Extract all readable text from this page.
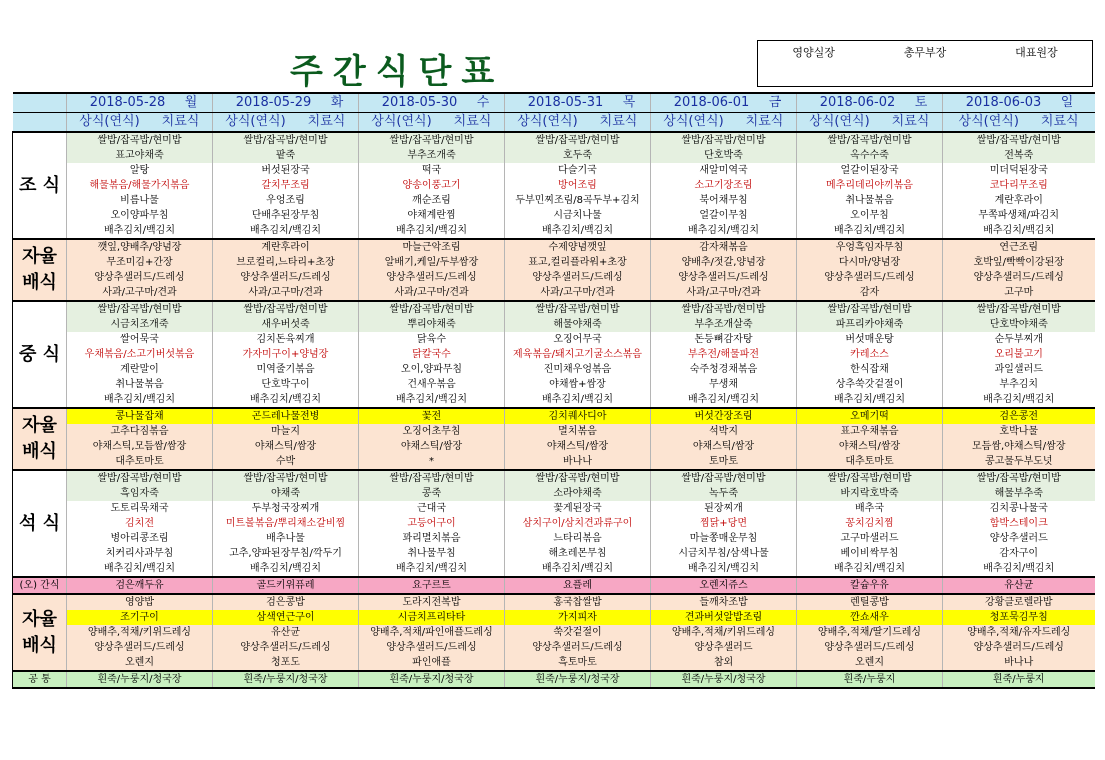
주간식단표	영양실장	총무부장	대표원장
	2018-05-28 월	2018-05-29 화	2018-05-30 수	2018-05-31 목	2018-06-01 금	2018-06-02 토	2018-06-03 일
	상식(연식) 치료식	상식(연식) 치료식	상식(연식) 치료식	상식(연식) 치료식	상식(연식) 치료식	상식(연식) 치료식	상식(연식) 치료식
조 식	쌀밥/잡곡밥/현미밥	쌀밥/잡곡밥/현미밥	쌀밥/잡곡밥/현미밥	쌀밥/잡곡밥/현미밥	쌀밥/잡곡밥/현미밥	쌀밥/잡곡밥/현미밥	쌀밥/잡곡밥/현미밥
	표고야채죽	팥죽	부추조개죽	호두죽	단호박죽	옥수수죽	전복죽
	알탕	버섯된장국	떡국	다슬기국	새알미역국	얼갈이된장국	미더덕된장국
	해물볶음/해물가지볶음	갈치무조림	양송이풍고기	방어조림	소고기장조림	메추리데리야끼볶음	코다리무조림
	비름나물	우엉조림	깨순조림	두부민찌조림/8곡두부+김치	북어채무침	취나물볶음	계란후라이
	오이양파무침	단배추된장무침	야채계란찜	시금치나물	얼갈이무침	오이무침	무쪽파생채/파김치
	배추김치/백김치	배추김치/백김치	배추김치/백김치	배추김치/백김치	배추김치/백김치	배추김치/백김치	배추김치/백김치
자율 배식	깻잎,양배추/양념장	계란후라이	마늘근악조림	수제양념깻잎	감자채볶음	우엉흑임자무침	연근조림
	무조미김+간장	브로컬리,느타리+초장	알배기,케일/두부쌈장	표고,컬리플라워+초장	양배추/젓갈,양념장	다시마/양념장	호박잎/빡빡이강된장
	양상추샐러드/드레싱	양상추샐러드/드레싱	양상추샐러드/드레싱	양상추샐러드/드레싱	양상추샐러드/드레싱	양상추샐러드/드레싱	양상추샐러드/드레싱
	사과/고구마/견과	사과/고구마/견과	사과/고구마/견과	사과/고구마/견과	사과/고구마/견과	감자	고구마
중 식	쌀밥/잡곡밥/현미밥	쌀밥/잡곡밥/현미밥	쌀밥/잡곡밥/현미밥	쌀밥/잡곡밥/현미밥	쌀밥/잡곡밥/현미밥	쌀밥/잡곡밥/현미밥	쌀밥/잡곡밥/현미밥
	시금치조개죽	새우버섯죽	뿌리야채죽	해물야채죽	부추조개살죽	파프리카야채죽	단호박야채죽
	쌀어묵국	김치돈육찌개	닭육수	오징어무국	돈등뼈감자탕	버섯매운탕	순두부찌개
	우채볶음/소고기버섯볶음	가자미구이+양념장	닭칼국수	제육볶음/돼지고기굴소스볶음	부추전/해물파전	카레소스	오리불고기
	계란말이	미역줄기볶음	오이,양파무침	진미채우엉볶음	숙주청경채볶음	한식잡채	과일샐러드
	취나물볶음	단호박구이	건새우볶음	야채쌈+쌈장	무생채	상추쑥갓겉절이	부추김치
	배추김치/백김치	배추김치/백김치	배추김치/백김치	배추김치/백김치	배추김치/백김치	배추김치/백김치	배추김치/백김치
자율 배식	콩나물잡채	곤드레나물전병	꽃전	김치퀘사디아	버섯간장조림	오메기떡	검은콩전
	고추다짐볶음	마늘지	오징어초무침	멸치볶음	석박지	표고우채볶음	호박나물
	야채스틱,모듬쌈/쌈장	야채스틱/쌈장	야채스틱/쌈장	야채스틱/쌈장	야채스틱/쌈장	야채스틱/쌈장	모듬쌈,야채스틱/쌈장
	대추토마토	수박	*	바나나	토마토	대추토마토	콩고물두부도넛
석 식	쌀밥/잡곡밥/현미밥	쌀밥/잡곡밥/현미밥	쌀밥/잡곡밥/현미밥	쌀밥/잡곡밥/현미밥	쌀밥/잡곡밥/현미밥	쌀밥/잡곡밥/현미밥	쌀밥/잡곡밥/현미밥
	흑임자죽	야채죽	콩죽	소라야채죽	녹두죽	바지락호박죽	해물부추죽
	도토리묵채국	두부청국장찌개	근대국	꽃게된장국	된장찌개	배추국	김치콩나물국
	김치전	미트볼볶음/뿌리채소갈비찜	고등어구이	삼치구이/삼치견과류구이	찜닭+당면	꽁치김치찜	함박스테이크
	병아리콩조림	배추나물	꽈리멸치볶음	느타리볶음	마늘쫑매운무침	고구마샐러드	양상추샐러드
	치커리사과무침	고추,양파된장무침/깍두기	취나물무침	해초레몬무침	시금치무침/삼색나물	베이비싹무침	감자구이
	배추김치/백김치	배추김치/백김치	배추김치/백김치	배추김치/백김치	배추김치/백김치	배추김치/백김치	배추김치/백김치
(오) 간식	검은깨두유	골드키위퓨레	요구르트	요플레	오렌지쥬스	칼슘우유	유산균
자율 배식	영양밥	검은콩밥	도라지전복밥	홍국찹쌀밥	들깨차조밥	렌틸콩밥	강황클로렐라밥
	조기구이	삼색연근구이	시금치프리타타	가지피자	견과버섯알밥조림	깐쇼새우	청포묵김무침
	양배추,적채/키위드레싱	유산균	양배추,적채/파인애플드레싱	쑥갓겉절이	양배추,적채/키위드레싱	양배추,적채/딸기드레싱	양배추,적채/유자드레싱
	양상추샐러드/드레싱	양상추샐러드/드레싱	양상추샐러드/드레싱	양상추샐러드/드레싱	양상추샐러드	양상추샐러드/드레싱	양상추샐러드/드레싱
	오렌지	청포도	파인애플	흑토마토	참외	오렌지	바나나
공 통	흰죽/누룽지/청국장	흰죽/누룽지/청국장	흰죽/누룽지/청국장	흰죽/누룽지/청국장	흰죽/누룽지/청국장	흰죽/누룽지	흰죽/누룽지
